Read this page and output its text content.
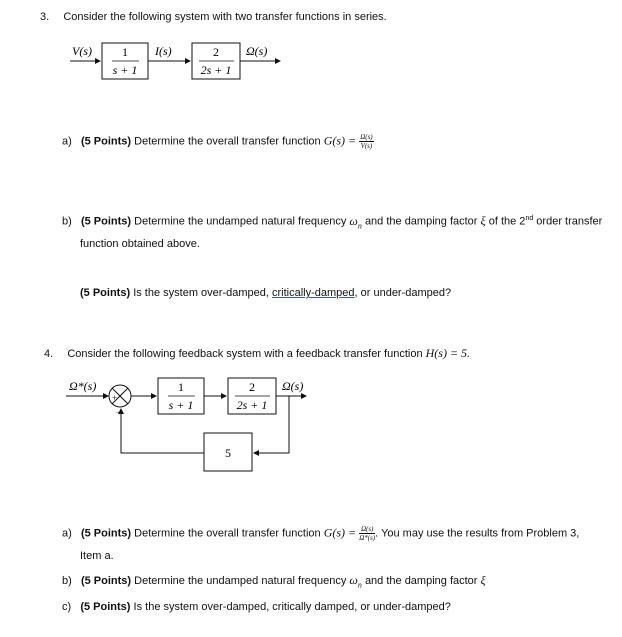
3. Consider the following system with two transfer functions in series.
V(s)	1
s + 1
I(s)	2
2s + 1
Ω(s)
a) (5 Points) Determine the overall transfer function $G(s) = \frac{\Omega(s)}{V(s)}$
b) (5 Points) Determine the undamped natural frequency $\omega_n$ and the damping factor ξ of the 2nd order transfer
function obtained above.
(5 Points) Is the system over-damped, critically-damped, or under-damped?
4. Consider the following feedback system with a feedback transfer function H(s) = 5.
Ω*(s)
+
−
1
s + 1
2
2s + 1
Ω(s)
5
a) (5 Points) Determine the overall transfer function $G(s) = \frac{\Omega(s)}{\Omega*(s)}$ . You may use the results from Problem 3,
Item a.
b) (5 Points) Determine the undamped natural frequency $\omega_n$ and the damping factor ξ
c) (5 Points) Is the system over-damped, critically damped, or under-damped?
